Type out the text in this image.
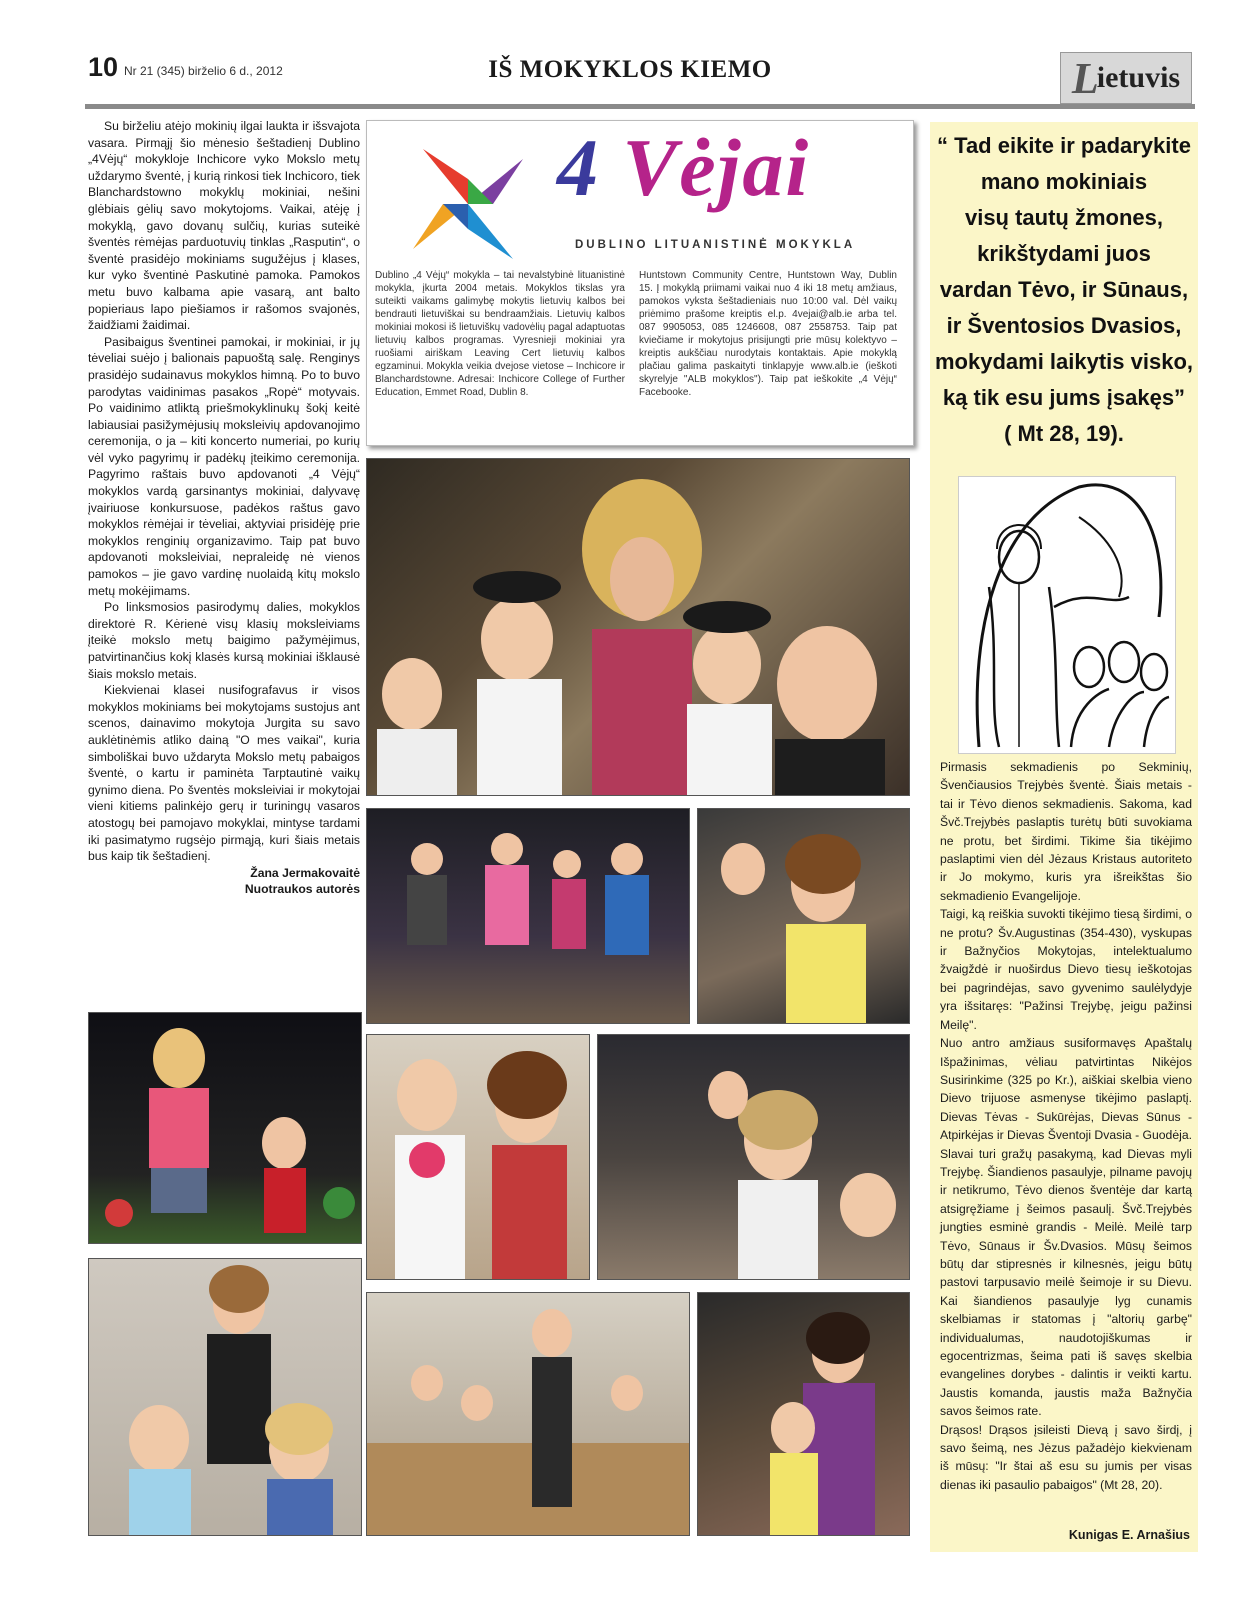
10 Nr 21 (345) birželio 6 d., 2012	IŠ MOKYKLOS KIEMO	L
ietuvis

Su birželiu atėjo mokinių ilgai laukta ir išsvajota vasara. Pirmąjį šio mėnesio šeštadienį Dublino „4Vėjų“ mokykloje Inchicore vyko Mokslo metų uždarymo šventė, į kurią rinkosi tiek Inchicoro, tiek Blanchardstowno mokyklų mokiniai, nešini glėbiais gėlių savo mokytojoms. Vaikai, atėję į mokyklą, gavo dovanų sulčių, kurias suteikė šventės rėmėjas parduotuvių tinklas „Rasputin“, o šventė prasidėjo mokiniams sugužėjus į klases, kur vyko šventinė Paskutinė pamoka. Pamokos metu buvo kalbama apie vasarą, ant balto popieriaus lapo piešiamos ir rašomos svajonės, žaidžiami žaidimai.

Pasibaigus šventinei pamokai, ir mokiniai, ir jų tėveliai suėjo į balionais papuoštą salę. Renginys prasidėjo sudainavus mokyklos himną. Po to buvo parodytas vaidinimas pasakos „Ropė“ motyvais. Po vaidinimo atliktą priešmokyklinukų šokį keitė labiausiai pasižymėjusių moksleivių apdovanojimo ceremonija, o ja – kiti koncerto numeriai, po kurių vėl vyko pagyrimų ir padėkų įteikimo ceremonija. Pagyrimo raštais buvo apdovanoti „4 Vėjų“ mokyklos vardą garsinantys mokiniai, dalyvavę įvairiuose konkursuose, padėkos raštus gavo mokyklos rėmėjai ir tėveliai, aktyviai prisidėję prie mokyklos renginių organizavimo. Taip pat buvo apdovanoti moksleiviai, nepraleidę nė vienos pamokos – jie gavo vardinę nuolaidą kitų mokslo metų mokėjimams.

Po linksmosios pasirodymų dalies, mokyklos direktorė R. Kėrienė visų klasių moksleiviams įteikė mokslo metų baigimo pažymėjimus, patvirtinančius kokį klasės kursą mokiniai išklausė šiais mokslo metais.

Kiekvienai klasei nusifografavus ir visos mokyklos mokiniams bei mokytojams sustojus ant scenos, dainavimo mokytoja Jurgita su savo auklėtinėmis atliko dainą "O mes vaikai", kuria simboliškai buvo uždaryta Mokslo metų pabaigos šventė, o kartu ir paminėta Tarptautinė vaikų gynimo diena. Po šventės moksleiviai ir mokytojai vieni kitiems palinkėjo gerų ir turiningų vasaros atostogų bei pamojavo mokyklai, mintyse tardami iki pasimatymo rugsėjo pirmąją, kuri šiais metais bus kaip tik šeštadienį.

Žana Jermakovaitė
Nuotraukos autorės
4 Vėjai
DUBLINO LITUANISTINĖ MOKYKLA
Dublino „4 Vėjų“ mokykla – tai nevalstybinė lituanistinė mokykla, įkurta 2004 metais. Mokyklos tikslas yra suteikti vaikams galimybę mokytis lietuvių kalbos bei bendrauti lietuviškai su bendraamžiais. Lietuvių kalbos mokiniai mokosi iš lietuviškų vadovėlių pagal adaptuotas lietuvių kalbos programas. Vyresnieji mokiniai yra ruošiami airiškam Leaving Cert lietuvių kalbos egzaminui. Mokykla veikia dvejose vietose – Inchicore ir Blanchardstowne. Adresai: Inchicore College of Further Education, Emmet Road, Dublin 8.
Huntstown Community Centre, Huntstown Way, Dublin 15. Į mokyklą priimami vaikai nuo 4 iki 18 metų amžiaus, pamokos vyksta šeštadieniais nuo 10:00 val. Dėl vaikų priėmimo prašome kreiptis el.p. 4vejai@alb.ie arba tel. 087 9905053, 085 1246608, 087 2558753. Taip pat kviečiame ir mokytojus prisijungti prie mūsų kolektyvo – kreiptis aukščiau nurodytais kontaktais. Apie mokyklą plačiau galima paskaityti tinklapyje www.alb.ie (ieškoti skyrelyje "ALB mokyklos"). Taip pat ieškokite „4 Vėjų“ Facebooke.
“ Tad eikite ir padarykite
mano mokiniais
visų tautų žmones,
krikštydami juos
vardan Tėvo, ir Sūnaus,
ir Šventosios Dvasios,
mokydami laikytis visko,
ką tik esu jums įsakęs”
( Mt 28, 19).

Pirmasis sekmadienis po Sekminių, Švenčiausios Trejybės šventė. Šiais metais - tai ir Tėvo dienos sekmadienis. Sakoma, kad Švč.Trejybės paslaptis turėtų būti suvokiama ne protu, bet širdimi. Tikime šia tikėjimo paslaptimi vien dėl Jėzaus Kristaus autoriteto ir Jo mokymo, kuris yra išreikštas šio sekmadienio Evangelijoje.

Taigi, ką reiškia suvokti tikėjimo tiesą širdimi, o ne protu? Šv.Augustinas (354-430), vyskupas ir Bažnyčios Mokytojas, intelektualumo žvaigždė ir nuoširdus Dievo tiesų ieškotojas bei pagrindėjas, savo gyvenimo saulėlydyje yra išsitaręs: "Pažinsi Trejybę, jeigu pažinsi Meilę".

Nuo antro amžiaus susiformavęs Apaštalų Išpažinimas, vėliau patvirtintas Nikėjos Susirinkime (325 po Kr.), aiškiai skelbia vieno Dievo trijuose asmenyse tikėjimo paslaptį. Dievas Tėvas - Sukūrėjas, Dievas Sūnus - Atpirkėjas ir Dievas Šventoji Dvasia - Guodėja.

Slavai turi gražų pasakymą, kad Dievas myli Trejybę. Šiandienos pasaulyje, pilname pavojų ir netikrumo, Tėvo dienos šventėje dar kartą atsigręžiame į šeimos pasaulį. Švč.Trejybės jungties esminė grandis - Meilė. Meilė tarp Tėvo, Sūnaus ir Šv.Dvasios. Mūsų šeimos būtų dar stipresnės ir kilnesnės, jeigu būtų pastovi tarpusavio meilė šeimoje ir su Dievu. Kai šiandienos pasaulyje lyg cunamis skelbiamas ir statomas į "altorių garbę" individualumas, naudotojiškumas ir egocentrizmas, šeima pati iš savęs skelbia evangelines dorybes - dalintis ir veikti kartu. Jaustis komanda, jaustis maža Bažnyčia savos šeimos rate.

Drąsos! Drąsos įsileisti Dievą į savo širdį, į savo šeimą, nes Jėzus pažadėjo kiekvienam iš mūsų: "Ir štai aš esu su jumis per visas dienas iki pasaulio pabaigos" (Mt 28, 20).

Kunigas E. Arnašius
